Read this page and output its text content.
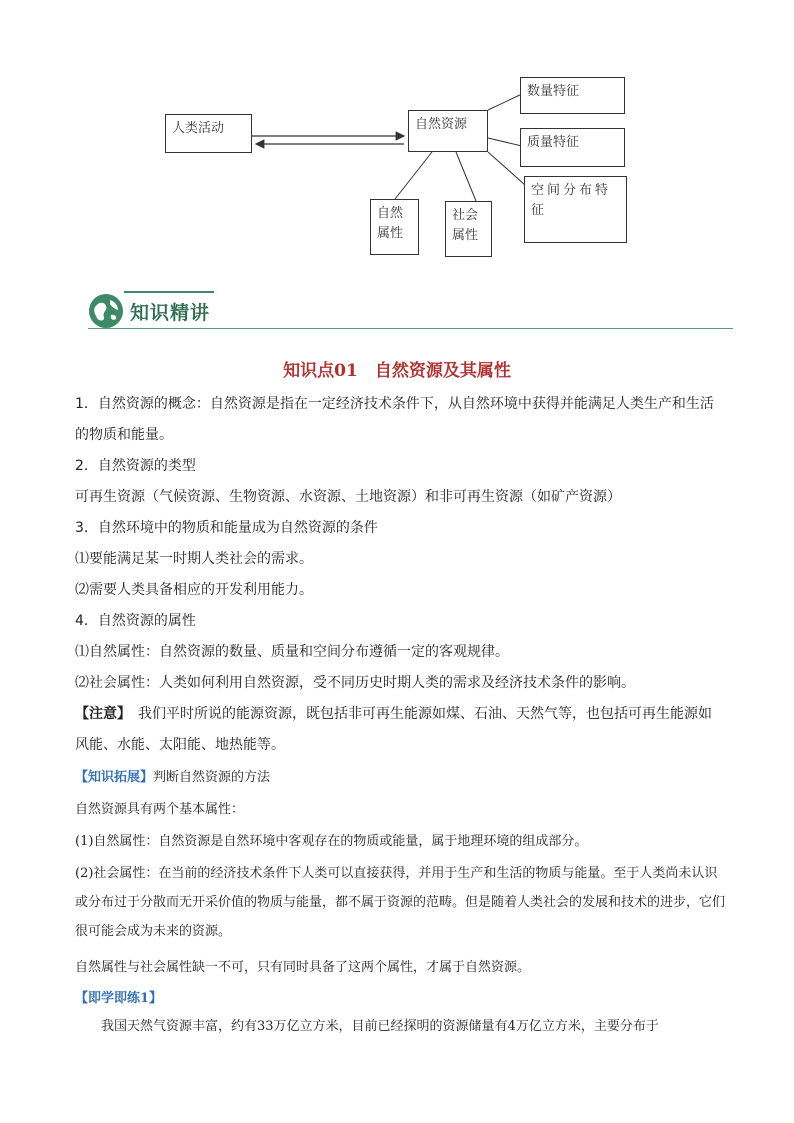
人类活动	自然资源
数量特征
质量特征
空间分布特征
自然
属性
社会
属性
知识精讲
知识点01　自然资源及其属性
1．自然资源的概念：自然资源是指在一定经济技术条件下，从自然环境中获得并能满足人类生产和生活的物质和能量。
2．自然资源的类型
可再生资源（气候资源、生物资源、水资源、土地资源）和非可再生资源（如矿产资源）
3．自然环境中的物质和能量成为自然资源的条件
⑴要能满足某一时期人类社会的需求。
⑵需要人类具备相应的开发利用能力。
4．自然资源的属性
⑴自然属性：自然资源的数量、质量和空间分布遵循一定的客观规律。
⑵社会属性：人类如何利用自然资源，受不同历史时期人类的需求及经济技术条件的影响。
【注意】　我们平时所说的能源资源，既包括非可再生能源如煤、石油、天然气等，也包括可再生能源如风能、水能、太阳能、地热能等。
【知识拓展】判断自然资源的方法
自然资源具有两个基本属性：
(1)自然属性：自然资源是自然环境中客观存在的物质或能量，属于地理环境的组成部分。
(2)社会属性：在当前的经济技术条件下人类可以直接获得，并用于生产和生活的物质与能量。至于人类尚未认识或分布过于分散而无开采价值的物质与能量，都不属于资源的范畴。但是随着人类社会的发展和技术的进步，它们很可能会成为未来的资源。
自然属性与社会属性缺一不可，只有同时具备了这两个属性，才属于自然资源。
【即学即练1】
　　我国天然气资源丰富，约有33万亿立方米，目前已经探明的资源储量有4万亿立方米，主要分布于
